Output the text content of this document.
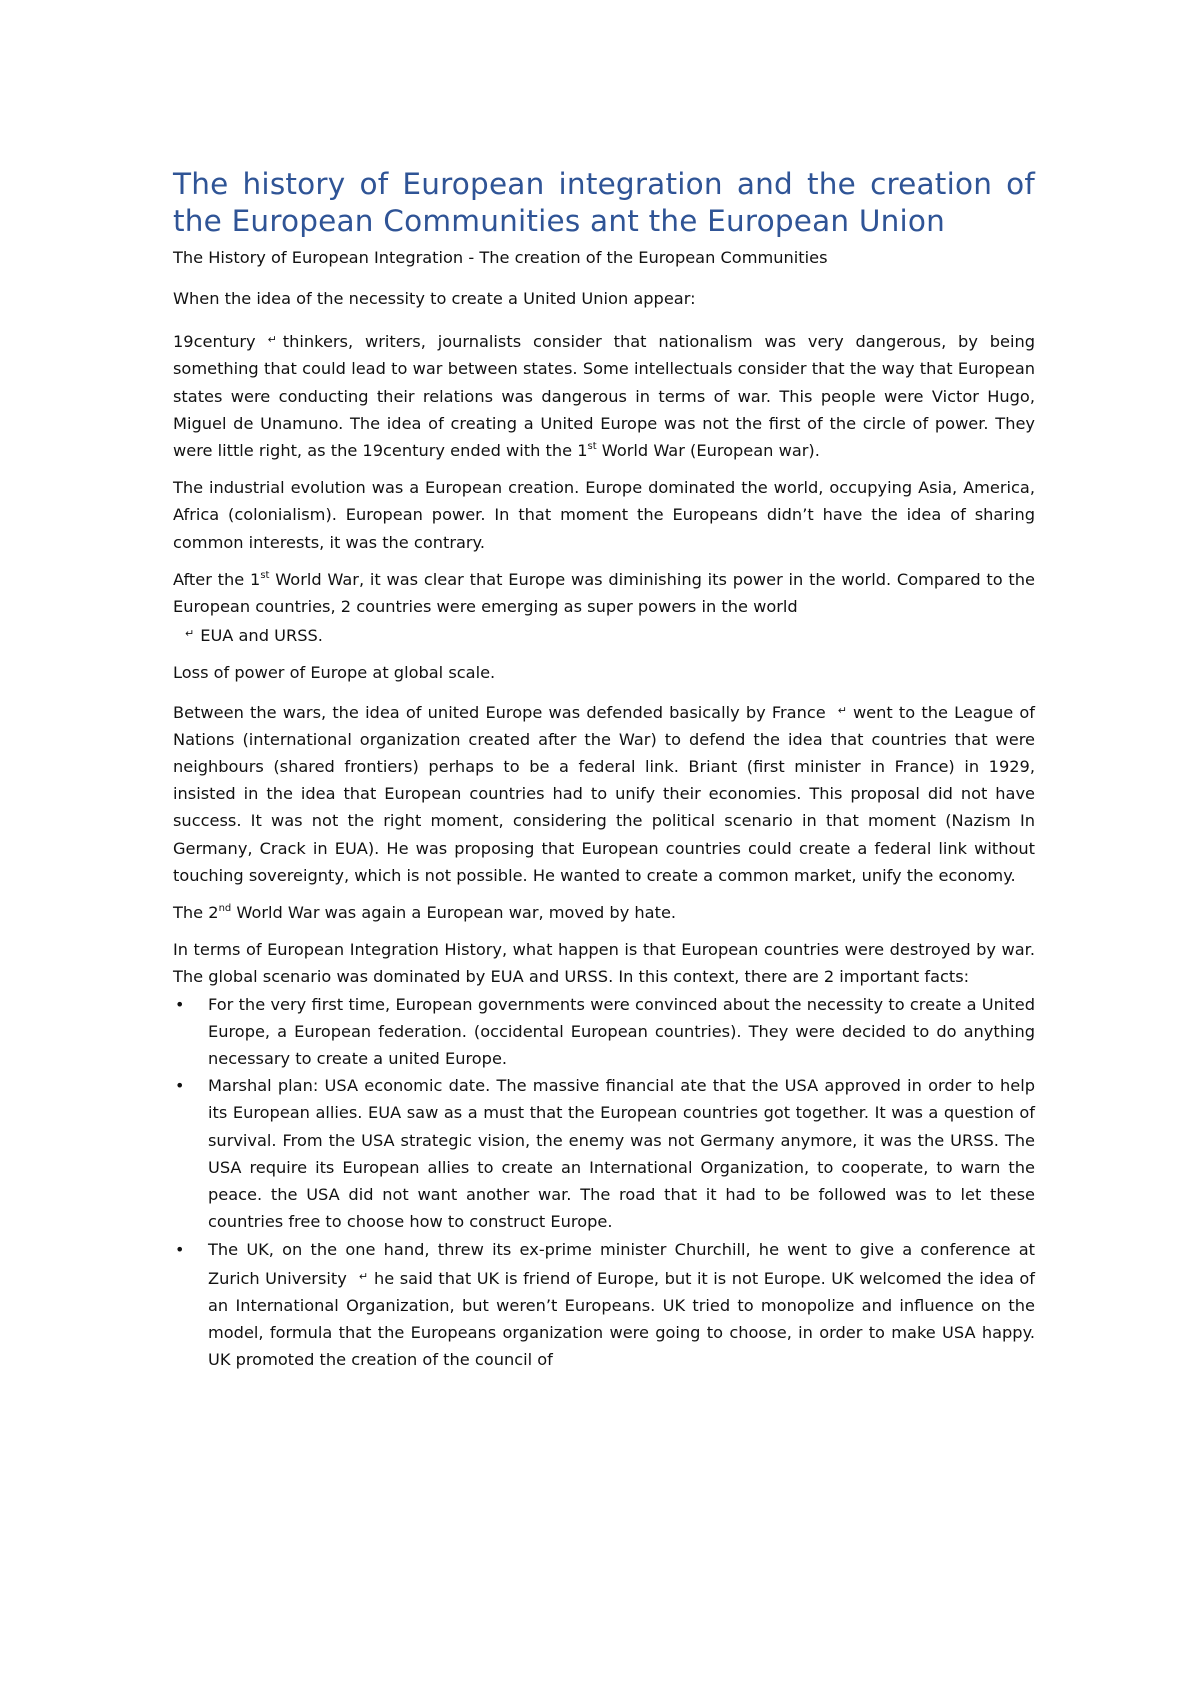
The history of European integration and the creation of the European Communities ant the European Union
The History of European Integration - The creation of the European Communities

When the idea of the necessity to create a United Union appear:

19century ↵ thinkers, writers, journalists consider that nationalism was very dangerous, by being something that could lead to war between states. Some intellectuals consider that the way that European states were conducting their relations was dangerous in terms of war. This people were Victor Hugo, Miguel de Unamuno. The idea of creating a United Europe was not the first of the circle of power. They were little right, as the 19century ended with the 1st World War (European war).

The industrial evolution was a European creation. Europe dominated the world, occupying Asia, America, Africa (colonialism). European power. In that moment the Europeans didn’t have the idea of sharing common interests, it was the contrary.

After the 1st World War, it was clear that Europe was diminishing its power in the world. Compared to the European countries, 2 countries were emerging as super powers in the world
↵ EUA and URSS.

Loss of power of Europe at global scale.

Between the wars, the idea of united Europe was defended basically by France ↵ went to the League of Nations (international organization created after the War) to defend the idea that countries that were neighbours (shared frontiers) perhaps to be a federal link. Briant (first minister in France) in 1929, insisted in the idea that European countries had to unify their economies. This proposal did not have success. It was not the right moment, considering the political scenario in that moment (Nazism In Germany, Crack in EUA). He was proposing that European countries could create a federal link without touching sovereignty, which is not possible. He wanted to create a common market, unify the economy.

The 2nd World War was again a European war, moved by hate.

In terms of European Integration History, what happen is that European countries were destroyed by war. The global scenario was dominated by EUA and URSS. In this context, there are 2 important facts:

• For the very first time, European governments were convinced about the necessity to create a United Europe, a European federation. (occidental European countries). They were decided to do anything necessary to create a united Europe.
• Marshal plan: USA economic date. The massive financial ate that the USA approved in order to help its European allies. EUA saw as a must that the European countries got together. It was a question of survival. From the USA strategic vision, the enemy was not Germany anymore, it was the URSS. The USA require its European allies to create an International Organization, to cooperate, to warn the peace. the USA did not want another war. The road that it had to be followed was to let these countries free to choose how to construct Europe.
• The UK, on the one hand, threw its ex-prime minister Churchill, he went to give a conference at Zurich University ↵ he said that UK is friend of Europe, but it is not Europe. UK welcomed the idea of an International Organization, but weren’t Europeans. UK tried to monopolize and influence on the model, formula that the Europeans organization were going to choose, in order to make USA happy. UK promoted the creation of the council of
